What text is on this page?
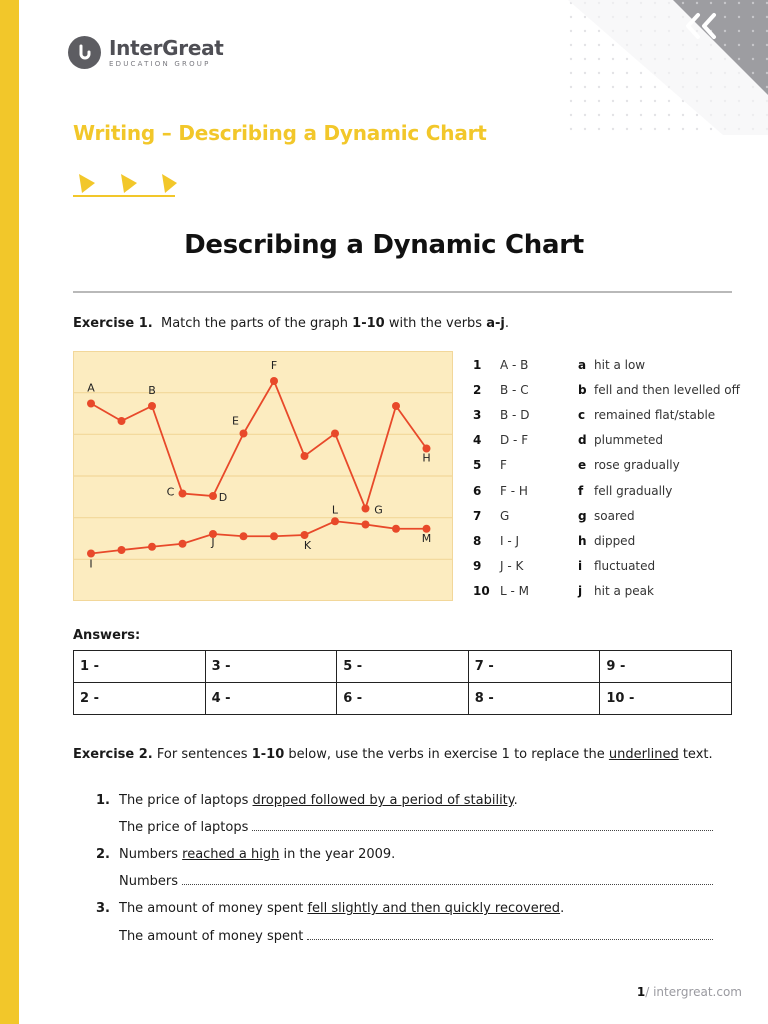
InterGreat
EDUCATION GROUP
Writing – Describing a Dynamic Chart
Describing a Dynamic Chart
Exercise 1. Match the parts of the graph 1-10 with the verbs a-j.
A	B
C	D
E
F
G
H
I
J	K
L
M
1	A - B	a	hit a low
2	B - C	b	fell and then levelled off
3	B - D	c	remained flat/stable
4	D - F	d	plummeted
5	F	e	rose gradually
6	F - H	f	fell gradually
7	G	g	soared
8	I - J	h	dipped
9	J - K	i	fluctuated
10	L - M	j	hit a peak
Answers:
1 -	3 -	5 -	7 -	9 -
2 -	4 -	6 -	8 -	10 -
Exercise 2. For sentences 1-10 below, use the verbs in exercise 1 to replace the underlined text.
1. The price of laptops dropped followed by a period of stability.
The price of laptops
2. Numbers reached a high in the year 2009.
Numbers
3. The amount of money spent fell slightly and then quickly recovered.
The amount of money spent
1/ intergreat.com
